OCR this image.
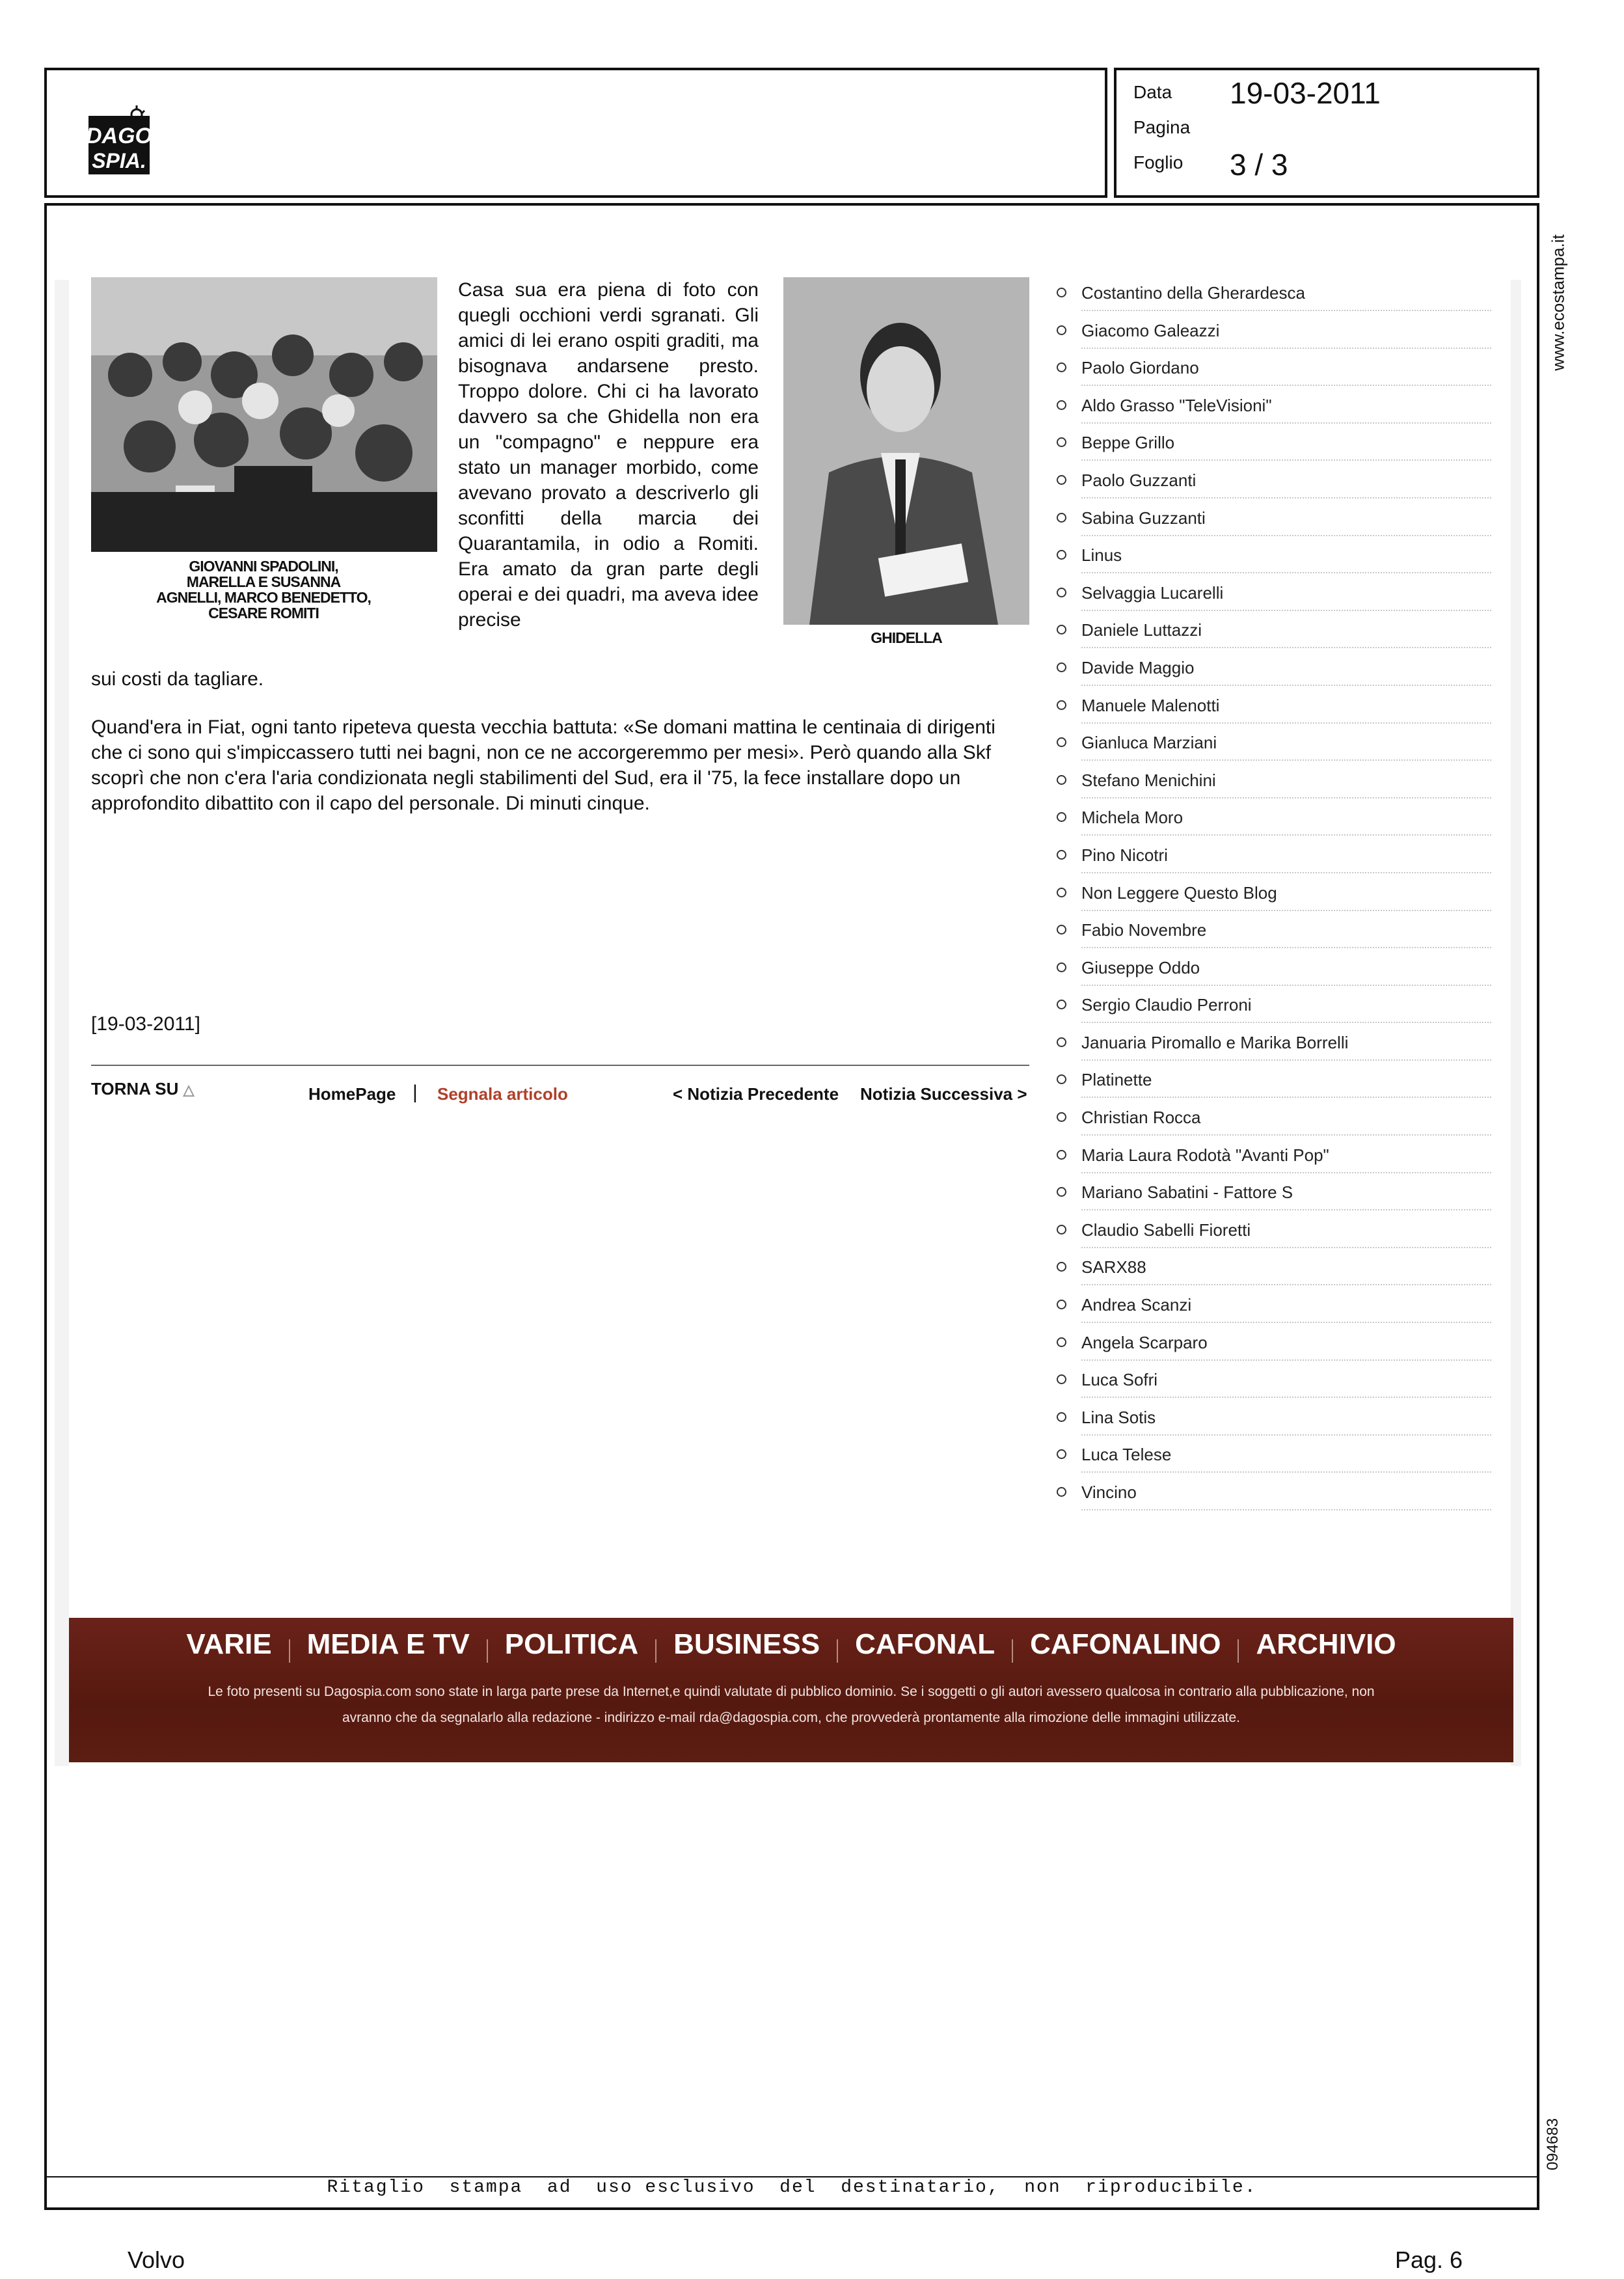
DAGO
SPIA.
Data 19-03-2011
Pagina
Foglio 3 / 3
www.ecostampa.it
094683
GIOVANNI SPADOLINI, MARELLA E SUSANNA AGNELLI, MARCO BENEDETTO, CESARE ROMITI
Casa sua era piena di foto con quegli occhioni verdi sgranati. Gli amici di lei erano ospiti graditi, ma bisognava andarsene presto. Troppo dolore. Chi ci ha lavorato davvero sa che Ghidella non era un "compagno" e neppure era stato un manager morbido, come avevano provato a descriverlo gli sconfitti della marcia dei Quarantamila, in odio a Romiti. Era amato da gran parte degli operai e dei quadri, ma aveva idee precise
GHIDELLA
sui costi da tagliare.
Quand'era in Fiat, ogni tanto ripeteva questa vecchia battuta: «Se domani mattina le centinaia di dirigenti che ci sono qui s'impiccassero tutti nei bagni, non ce ne accorgeremmo per mesi». Però quando alla Skf scoprì che non c'era l'aria condizionata negli stabilimenti del Sud, era il '75, la fece installare dopo un approfondito dibattito con il capo del personale. Di minuti cinque.
[19-03-2011]
TORNA SU △	HomePage | Segnala articolo	< Notizia Precedente Notizia Successiva >
Costantino della Gherardesca
Giacomo Galeazzi
Paolo Giordano
Aldo Grasso "TeleVisioni"
Beppe Grillo
Paolo Guzzanti
Sabina Guzzanti
Linus
Selvaggia Lucarelli
Daniele Luttazzi
Davide Maggio
Manuele Malenotti
Gianluca Marziani
Stefano Menichini
Michela Moro
Pino Nicotri
Non Leggere Questo Blog
Fabio Novembre
Giuseppe Oddo
Sergio Claudio Perroni
Januaria Piromallo e Marika Borrelli
Platinette
Christian Rocca
Maria Laura Rodotà "Avanti Pop"
Mariano Sabatini - Fattore S
Claudio Sabelli Fioretti
SARX88
Andrea Scanzi
Angela Scarparo
Luca Sofri
Lina Sotis
Luca Telese
Vincino
VARIE MEDIA E TV POLITICA BUSINESS CAFONAL CAFONALINO ARCHIVIO
Le foto presenti su Dagospia.com sono state in larga parte prese da Internet,e quindi valutate di pubblico dominio. Se i soggetti o gli autori avessero qualcosa in contrario alla pubblicazione, non
avranno che da segnalarlo alla redazione - indirizzo e-mail rda@dagospia.com, che provvederà prontamente alla rimozione delle immagini utilizzate.
Ritaglio  stampa  ad  uso esclusivo  del  destinatario,  non  riproducibile.
Volvo	Pag. 6
